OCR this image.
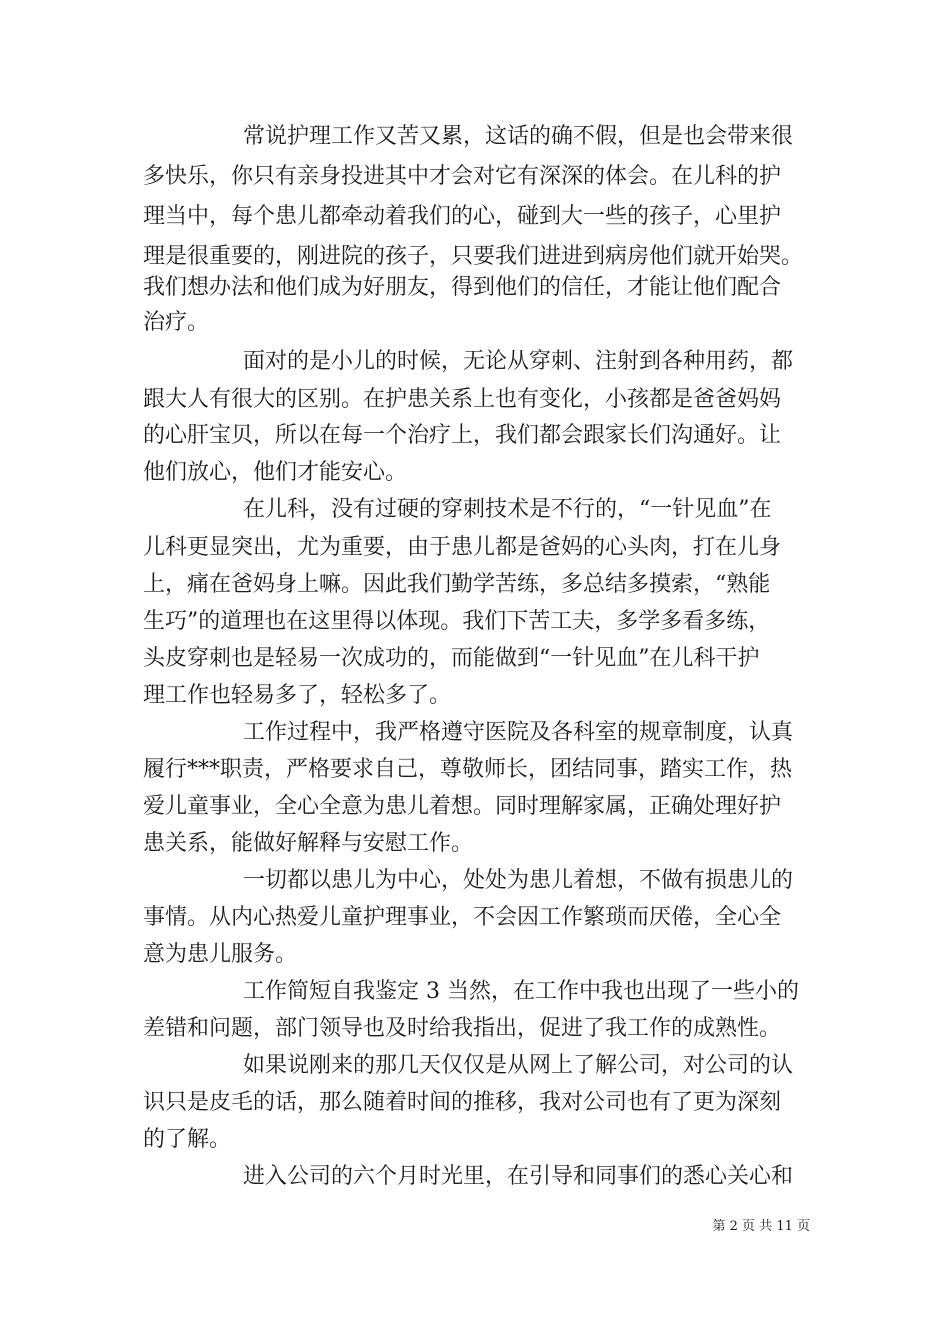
常说护理工作又苦又累，这话的确不假，但是也会带来很
多快乐，你只有亲身投进其中才会对它有深深的体会。在儿科的护
理当中，每个患儿都牵动着我们的心，碰到大一些的孩子，心里护
理是很重要的，刚进院的孩子，只要我们进进到病房他们就开始哭。
我们想办法和他们成为好朋友，得到他们的信任，才能让他们配合
治疗。
面对的是小儿的时候，无论从穿刺、注射到各种用药，都
跟大人有很大的区别。在护患关系上也有变化，小孩都是爸爸妈妈
的心肝宝贝，所以在每一个治疗上，我们都会跟家长们沟通好。让
他们放心，他们才能安心。
在儿科，没有过硬的穿刺技术是不行的，“一针见血”在
儿科更显突出，尤为重要，由于患儿都是爸妈的心头肉，打在儿身
上，痛在爸妈身上嘛。因此我们勤学苦练，多总结多摸索，“熟能
生巧”的道理也在这里得以体现。我们下苦工夫，多学多看多练，
头皮穿刺也是轻易一次成功的，而能做到“一针见血”在儿科干护
理工作也轻易多了，轻松多了。
工作过程中，我严格遵守医院及各科室的规章制度，认真
履行***职责，严格要求自己，尊敬师长，团结同事，踏实工作，热
爱儿童事业，全心全意为患儿着想。同时理解家属，正确处理好护
患关系，能做好解释与安慰工作。
一切都以患儿为中心，处处为患儿着想，不做有损患儿的
事情。从内心热爱儿童护理事业，不会因工作繁琐而厌倦，全心全
意为患儿服务。
工作简短自我鉴定 3 当然，在工作中我也出现了一些小的
差错和问题，部门领导也及时给我指出，促进了我工作的成熟性。
如果说刚来的那几天仅仅是从网上了解公司，对公司的认
识只是皮毛的话，那么随着时间的推移，我对公司也有了更为深刻
的了解。
进入公司的六个月时光里，在引导和同事们的悉心关心和
第 2 页 共 11 页
